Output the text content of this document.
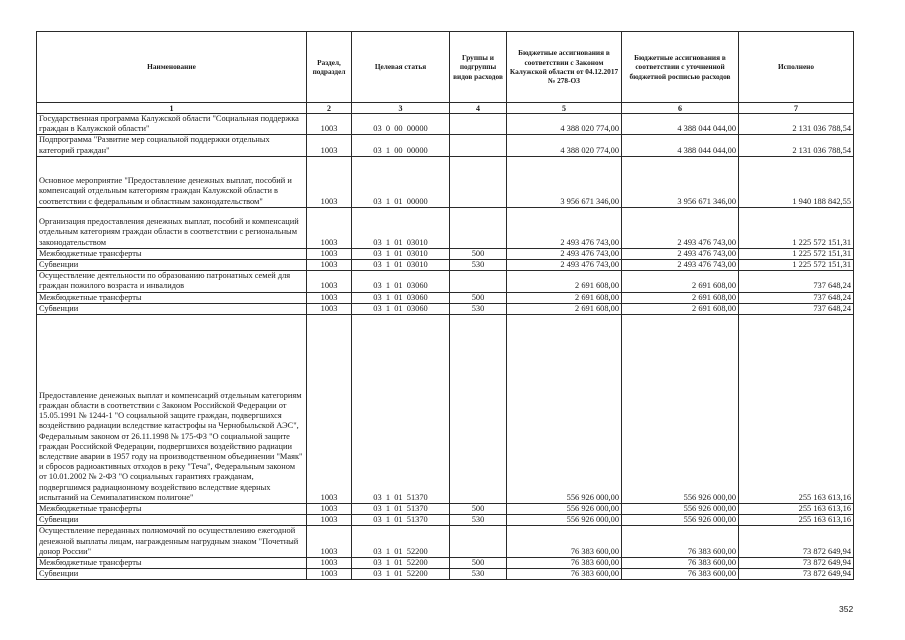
Наименование	Раздел, подраздел	Целевая статья	Группы и подгруппы видов расходов	Бюджетные ассигнования в соответствии с Законом Калужской области от 04.12.2017 № 278-ОЗ	Бюджетные ассигнования в соответствии с уточненной бюджетной росписью расходов	Исполнено
1	2	3	4	5	6	7
Государственная программа Калужской области "Социальная поддержка граждан в Калужской области"	1003	03  0  00  00000		4 388 020 774,00	4 388 044 044,00	2 131 036 788,54
Подпрограмма "Развитие мер социальной поддержки отдельных категорий граждан"	1003	03  1  00  00000		4 388 020 774,00	4 388 044 044,00	2 131 036 788,54
Основное мероприятие "Предоставление денежных выплат, пособий и компенсаций отдельным категориям граждан Калужской области в соответствии с федеральным и областным законодательством"	1003	03  1  01  00000		3 956 671 346,00	3 956 671 346,00	1 940 188 842,55
Организация предоставления денежных выплат, пособий и компенсаций отдельным категориям граждан области в соответствии с региональным законодательством	1003	03  1  01  03010		2 493 476 743,00	2 493 476 743,00	1 225 572 151,31
Межбюджетные трансферты	1003	03  1  01  03010	500	2 493 476 743,00	2 493 476 743,00	1 225 572 151,31
Субвенции	1003	03  1  01  03010	530	2 493 476 743,00	2 493 476 743,00	1 225 572 151,31
Осуществление деятельности по образованию патронатных семей для граждан пожилого возраста и инвалидов	1003	03  1  01  03060		2 691 608,00	2 691 608,00	737 648,24
Межбюджетные трансферты	1003	03  1  01  03060	500	2 691 608,00	2 691 608,00	737 648,24
Субвенции	1003	03  1  01  03060	530	2 691 608,00	2 691 608,00	737 648,24
Предоставление денежных выплат и компенсаций отдельным категориям граждан области в соответствии с Законом Российской Федерации от 15.05.1991 № 1244-1 "О социальной защите граждан, подвергшихся воздействию радиации вследствие катастрофы на Чернобыльской АЭС", Федеральным законом от 26.11.1998 № 175-ФЗ "О социальной защите граждан Российской Федерации, подвергшихся воздействию радиации вследствие аварии в 1957 году на производственном объединении "Маяк" и сбросов радиоактивных отходов в реку "Теча", Федеральным законом от 10.01.2002 № 2-ФЗ "О социальных гарантиях гражданам, подвергшимся радиационному воздействию вследствие ядерных испытаний на Семипалатинском полигоне"	1003	03  1  01  51370		556 926 000,00	556 926 000,00	255 163 613,16
Межбюджетные трансферты	1003	03  1  01  51370	500	556 926 000,00	556 926 000,00	255 163 613,16
Субвенции	1003	03  1  01  51370	530	556 926 000,00	556 926 000,00	255 163 613,16
Осуществление переданных полномочий по осуществлению ежегодной денежной выплаты лицам, награжденным нагрудным знаком "Почетный донор России"	1003	03  1  01  52200		76 383 600,00	76 383 600,00	73 872 649,94
Межбюджетные трансферты	1003	03  1  01  52200	500	76 383 600,00	76 383 600,00	73 872 649,94
Субвенции	1003	03  1  01  52200	530	76 383 600,00	76 383 600,00	73 872 649,94
352
